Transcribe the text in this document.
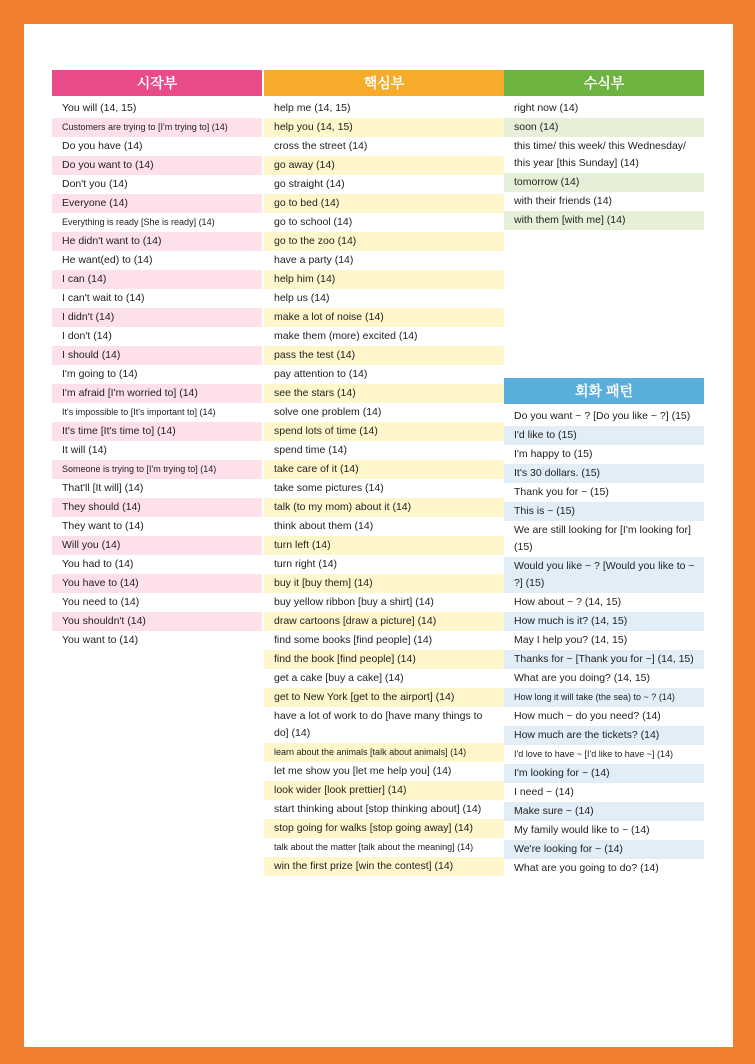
시작부
You will (14, 15)
Customers are trying to [I'm trying to] (14)
Do you have (14)
Do you want to (14)
Don't you (14)
Everyone (14)
Everything is ready [She is ready] (14)
He didn't want to (14)
He want(ed) to (14)
I can (14)
I can't wait to (14)
I didn't (14)
I don't (14)
I should (14)
I'm going to (14)
I'm afraid [I'm worried to] (14)
It's impossible to [It's important to] (14)
It's time [It's time to] (14)
It will (14)
Someone is trying to [I'm trying to] (14)
That'll [It will] (14)
They should (14)
They want to (14)
Will you (14)
You had to (14)
You have to (14)
You need to (14)
You shouldn't (14)
You want to (14)
핵심부
help me (14, 15)
help you (14, 15)
cross the street (14)
go away (14)
go straight (14)
go to bed (14)
go to school (14)
go to the zoo (14)
have a party (14)
help him (14)
help us (14)
make a lot of noise (14)
make them (more) excited (14)
pass the test (14)
pay attention to (14)
see the stars (14)
solve one problem (14)
spend lots of time (14)
spend time (14)
take care of it (14)
take some pictures (14)
talk (to my mom) about it (14)
think about them (14)
turn left (14)
turn right (14)
buy it [buy them] (14)
buy yellow ribbon [buy a shirt] (14)
draw cartoons [draw a picture] (14)
find some books [find people] (14)
find the book [find people] (14)
get a cake [buy a cake] (14)
get to New York [get to the airport] (14)
have a lot of work to do [have many things to do] (14)
learn about the animals [talk about animals] (14)
let me show you [let me help you] (14)
look wider [look prettier] (14)
start thinking about [stop thinking about] (14)
stop going for walks [stop going away] (14)
talk about the matter [talk about the meaning] (14)
win the first prize [win the contest] (14)
수식부
right now (14)
soon (14)
this time/ this week/ this Wednesday/ this year [this Sunday] (14)
tomorrow (14)
with their friends (14)
with them [with me] (14)
회화 패턴
Do you want ~ ? [Do you like ~ ?] (15)
I'd like to (15)
I'm happy to (15)
It's 30 dollars. (15)
Thank you for ~ (15)
This is ~ (15)
We are still looking for [I'm looking for] (15)
Would you like ~ ? [Would you like to ~ ?] (15)
How about ~ ? (14, 15)
How much is it? (14, 15)
May I help you? (14, 15)
Thanks for ~ [Thank you for ~] (14, 15)
What are you doing? (14, 15)
How long it will take (the sea) to ~ ? (14)
How much ~ do you need? (14)
How much are the tickets? (14)
I'd love to have ~ [I'd like to have ~] (14)
I'm looking for ~ (14)
I need ~ (14)
Make sure ~ (14)
My family would like to ~ (14)
We're looking for ~ (14)
What are you going to do? (14)
